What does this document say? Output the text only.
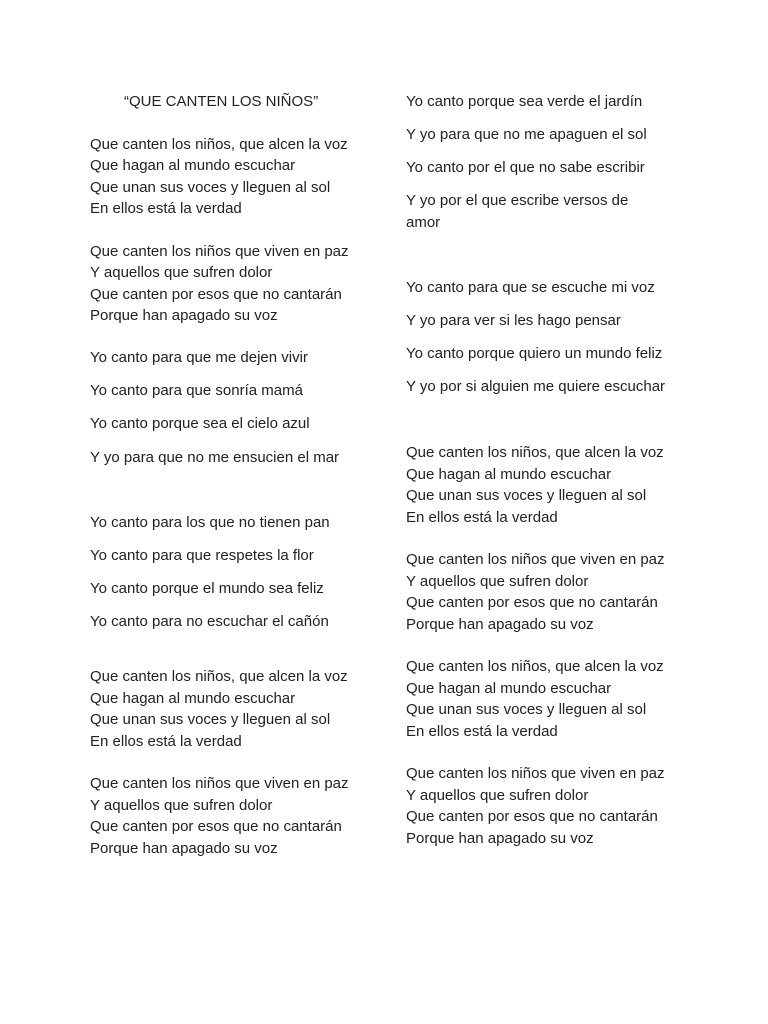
“QUE CANTEN LOS NIÑOS”
Que canten los niños, que alcen la voz
Que hagan al mundo escuchar
Que unan sus voces y lleguen al sol
En ellos está la verdad
Que canten los niños que viven en paz
Y aquellos que sufren dolor
Que canten por esos que no cantarán
Porque han apagado su voz
Yo canto para que me dejen vivir
Yo canto para que sonría mamá
Yo canto porque sea el cielo azul
Y yo para que no me ensucien el mar
Yo canto para los que no tienen pan
Yo canto para que respetes la flor
Yo canto porque el mundo sea feliz
Yo canto para no escuchar el cañón
Que canten los niños, que alcen la voz
Que hagan al mundo escuchar
Que unan sus voces y lleguen al sol
En ellos está la verdad
Que canten los niños que viven en paz
Y aquellos que sufren dolor
Que canten por esos que no cantarán
Porque han apagado su voz
Yo canto porque sea verde el jardín
Y yo para que no me apaguen el sol
Yo canto por el que no sabe escribir
Y yo por el que escribe versos de amor
Yo canto para que se escuche mi voz
Y yo para ver si les hago pensar
Yo canto porque quiero un mundo feliz
Y yo por si alguien me quiere escuchar
Que canten los niños, que alcen la voz
Que hagan al mundo escuchar
Que unan sus voces y lleguen al sol
En ellos está la verdad
Que canten los niños que viven en paz
Y aquellos que sufren dolor
Que canten por esos que no cantarán
Porque han apagado su voz
Que canten los niños, que alcen la voz
Que hagan al mundo escuchar
Que unan sus voces y lleguen al sol
En ellos está la verdad
Que canten los niños que viven en paz
Y aquellos que sufren dolor
Que canten por esos que no cantarán
Porque han apagado su voz
